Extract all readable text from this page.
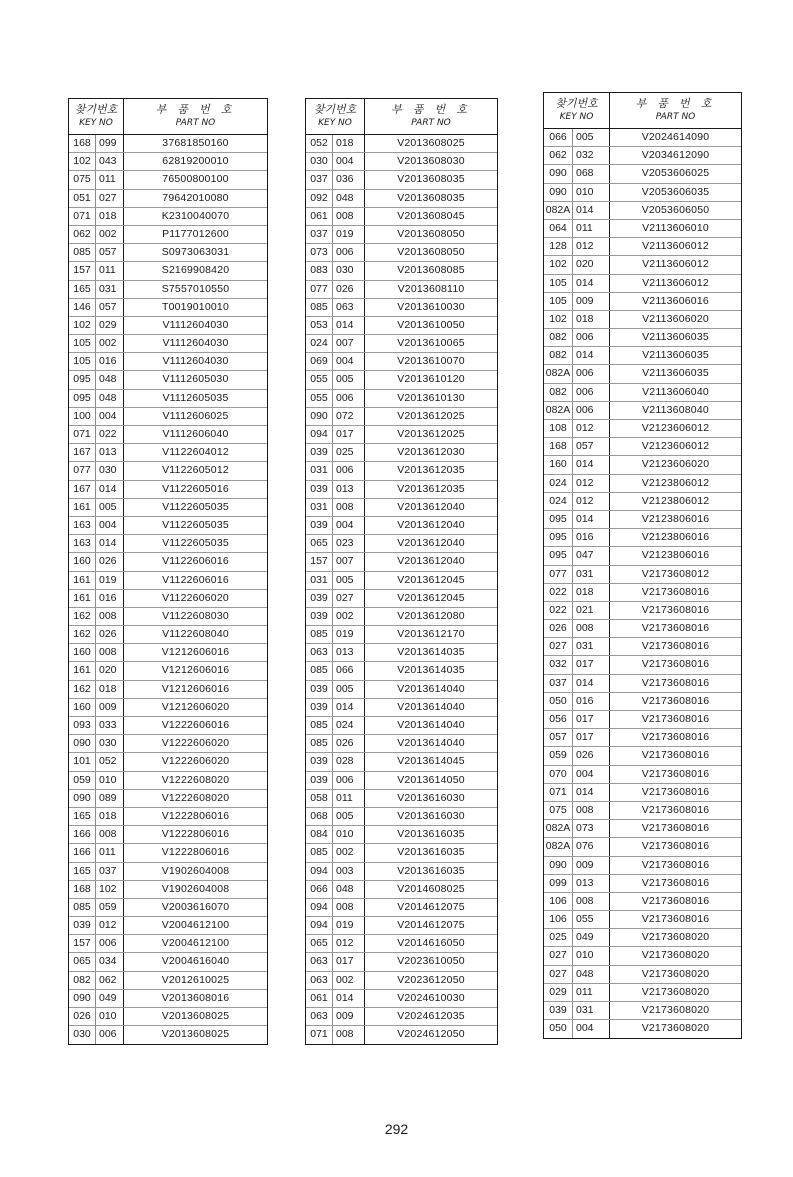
찾기번호
KEY NO
부 품 번 호
PART NO
168 099	37681850160
102 043	62819200010
075 011	76500800100
051 027	79642010080
071 018	K2310040070
062 002	P1177012600
085 057	S0973063031
157 011	S2169908420
165 031	S7557010550
146 057	T0019010010
102 029	V1112604030
105 002	V1112604030
105 016	V1112604030
095 048	V1112605030
095 048	V1112605035
100 004	V1112606025
071 022	V1112606040
167 013	V1122604012
077 030	V1122605012
167 014	V1122605016
161 005	V1122605035
163 004	V1122605035
163 014	V1122605035
160 026	V1122606016
161 019	V1122606016
161 016	V1122606020
162 008	V1122608030
162 026	V1122608040
160 008	V1212606016
161 020	V1212606016
162 018	V1212606016
160 009	V1212606020
093 033	V1222606016
090 030	V1222606020
101 052	V1222606020
059 010	V1222608020
090 089	V1222608020
165 018	V1222806016
166 008	V1222806016
166 011	V1222806016
165 037	V1902604008
168 102	V1902604008
085 059	V2003616070
039 012	V2004612100
157 006	V2004612100
065 034	V2004616040
082 062	V2012610025
090 049	V2013608016
026 010	V2013608025
030 006	V2013608025
찾기번호
KEY NO
부 품 번 호
PART NO
052 018	V2013608025
030 004	V2013608030
037 036	V2013608035
092 048	V2013608035
061 008	V2013608045
037 019	V2013608050
073 006	V2013608050
083 030	V2013608085
077 026	V2013608110
085 063	V2013610030
053 014	V2013610050
024 007	V2013610065
069 004	V2013610070
055 005	V2013610120
055 006	V2013610130
090 072	V2013612025
094 017	V2013612025
039 025	V2013612030
031 006	V2013612035
039 013	V2013612035
031 008	V2013612040
039 004	V2013612040
065 023	V2013612040
157 007	V2013612040
031 005	V2013612045
039 027	V2013612045
039 002	V2013612080
085 019	V2013612170
063 013	V2013614035
085 066	V2013614035
039 005	V2013614040
039 014	V2013614040
085 024	V2013614040
085 026	V2013614040
039 028	V2013614045
039 006	V2013614050
058 011	V2013616030
068 005	V2013616030
084 010	V2013616035
085 002	V2013616035
094 003	V2013616035
066 048	V2014608025
094 008	V2014612075
094 019	V2014612075
065 012	V2014616050
063 017	V2023610050
063 002	V2023612050
061 014	V2024610030
063 009	V2024612035
071 008	V2024612050
찾기번호
KEY NO
부 품 번 호
PART NO
066 005	V2024614090
062 032	V2034612090
090 068	V2053606025
090 010	V2053606035
082A 014	V2053606050
064 011	V2113606010
128 012	V2113606012
102 020	V2113606012
105 014	V2113606012
105 009	V2113606016
102 018	V2113606020
082 006	V2113606035
082 014	V2113606035
082A 006	V2113606035
082 006	V2113606040
082A 006	V2113608040
108 012	V2123606012
168 057	V2123606012
160 014	V2123606020
024 012	V2123806012
024 012	V2123806012
095 014	V2123806016
095 016	V2123806016
095 047	V2123806016
077 031	V2173608012
022 018	V2173608016
022 021	V2173608016
026 008	V2173608016
027 031	V2173608016
032 017	V2173608016
037 014	V2173608016
050 016	V2173608016
056 017	V2173608016
057 017	V2173608016
059 026	V2173608016
070 004	V2173608016
071 014	V2173608016
075 008	V2173608016
082A 073	V2173608016
082A 076	V2173608016
090 009	V2173608016
099 013	V2173608016
106 008	V2173608016
106 055	V2173608016
025 049	V2173608020
027 010	V2173608020
027 048	V2173608020
029 011	V2173608020
039 031	V2173608020
050 004	V2173608020
292
